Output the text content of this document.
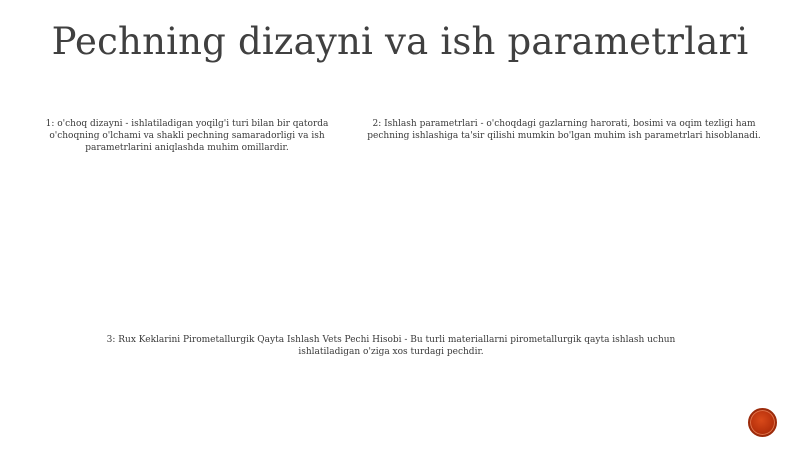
Pechning dizayni va ish parametrlari
1: o'choq dizayni - ishlatiladigan yoqilg'i turi bilan bir qatorda o'choqning o'lchami va shakli pechning samaradorligi va ish parametrlarini aniqlashda muhim omillardir.
2: Ishlash parametrlari - o'choqdagi gazlarning harorati, bosimi va oqim tezligi ham pechning ishlashiga ta'sir qilishi mumkin bo'lgan muhim ish parametrlari hisoblanadi.
3: Rux Keklarini Pirometallurgik Qayta Ishlash Vets Pechi Hisobi - Bu turli materiallarni pirometallurgik qayta ishlash uchun ishlatiladigan o'ziga xos turdagi pechdir.
